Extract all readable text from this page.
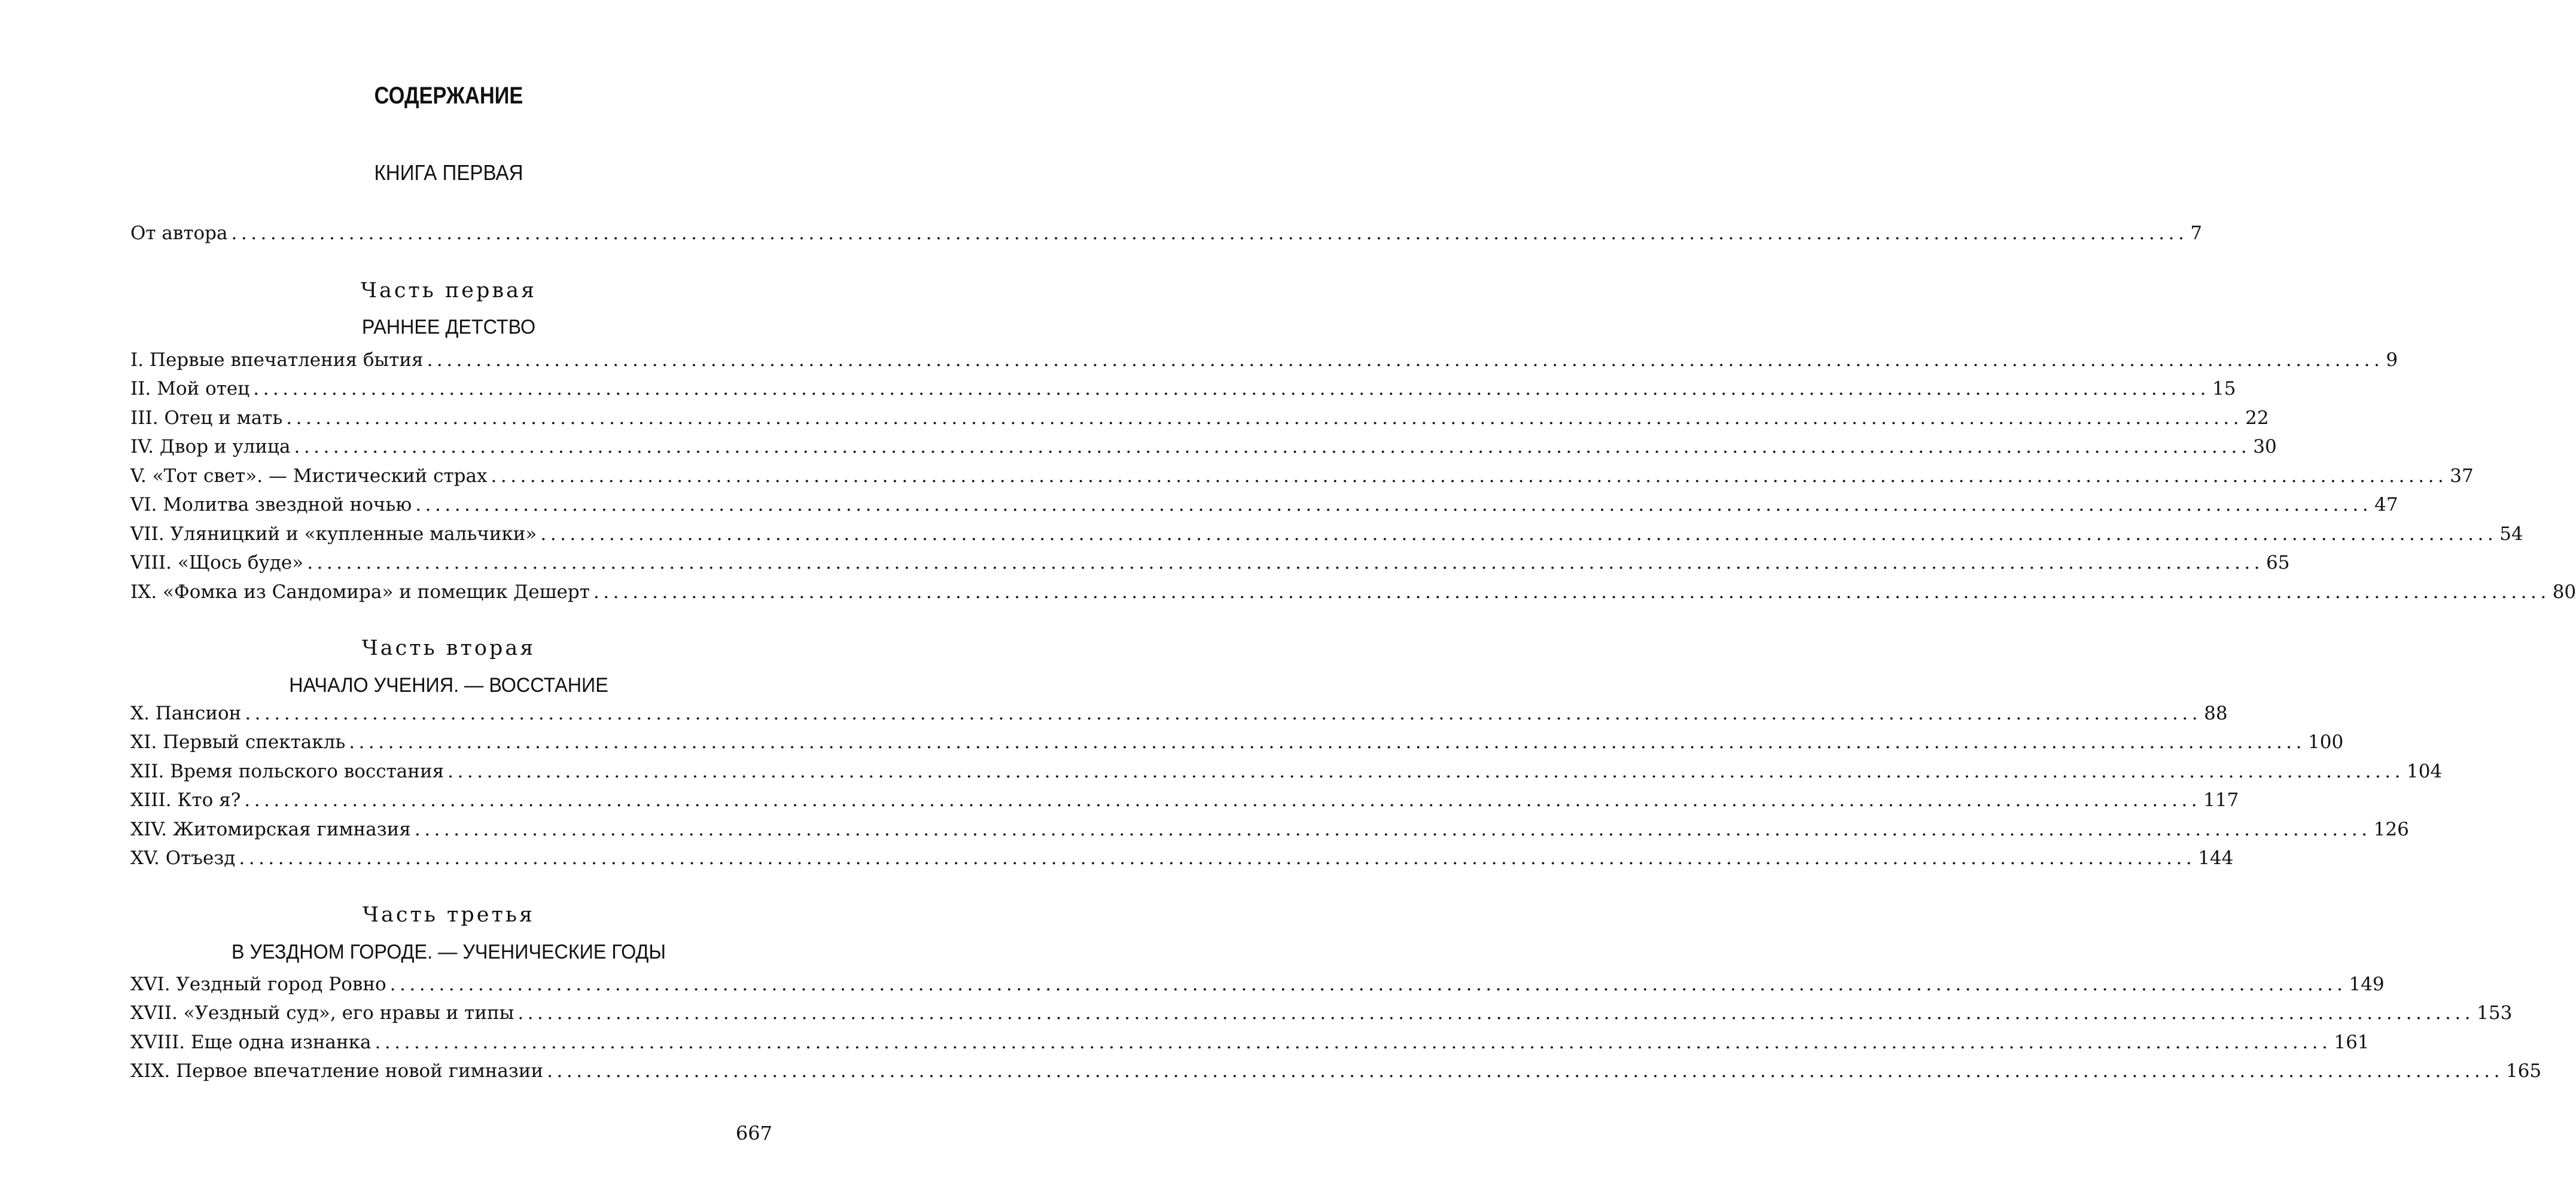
СОДЕРЖАНИЕ
КНИГА ПЕРВАЯ
От автора ........................................................................................................................................................................................................ 7
Часть первая
РАННЕЕ ДЕТСТВО
I. Первые впечатления бытия ........................................................................................................................................................................................................ 9
II. Мой отец ........................................................................................................................................................................................................ 15
III. Отец и мать ........................................................................................................................................................................................................ 22
IV. Двор и улица ........................................................................................................................................................................................................ 30
V. «Тот свет». — Мистический страх ........................................................................................................................................................................................................ 37
VI. Молитва звездной ночью ........................................................................................................................................................................................................ 47
VII. Уляницкий и «купленные мальчики» ........................................................................................................................................................................................................ 54
VIII. «Щось буде» ........................................................................................................................................................................................................ 65
IX. «Фомка из Сандомира» и помещик Дешерт ........................................................................................................................................................................................................ 80
Часть вторая
НАЧАЛО УЧЕНИЯ. — ВОССТАНИЕ
X. Пансион ........................................................................................................................................................................................................ 88
XI. Первый спектакль ........................................................................................................................................................................................................ 100
XII. Время польского восстания ........................................................................................................................................................................................................ 104
XIII. Кто я? ........................................................................................................................................................................................................ 117
XIV. Житомирская гимназия ........................................................................................................................................................................................................ 126
XV. Отъезд ........................................................................................................................................................................................................ 144
Часть третья
В УЕЗДНОМ ГОРОДЕ. — УЧЕНИЧЕСКИЕ ГОДЫ
XVI. Уездный город Ровно ........................................................................................................................................................................................................ 149
XVII. «Уездный суд», его нравы и типы ........................................................................................................................................................................................................ 153
XVIII. Еще одна изнанка ........................................................................................................................................................................................................ 161
XIX. Первое впечатление новой гимназии ........................................................................................................................................................................................................ 165
667
